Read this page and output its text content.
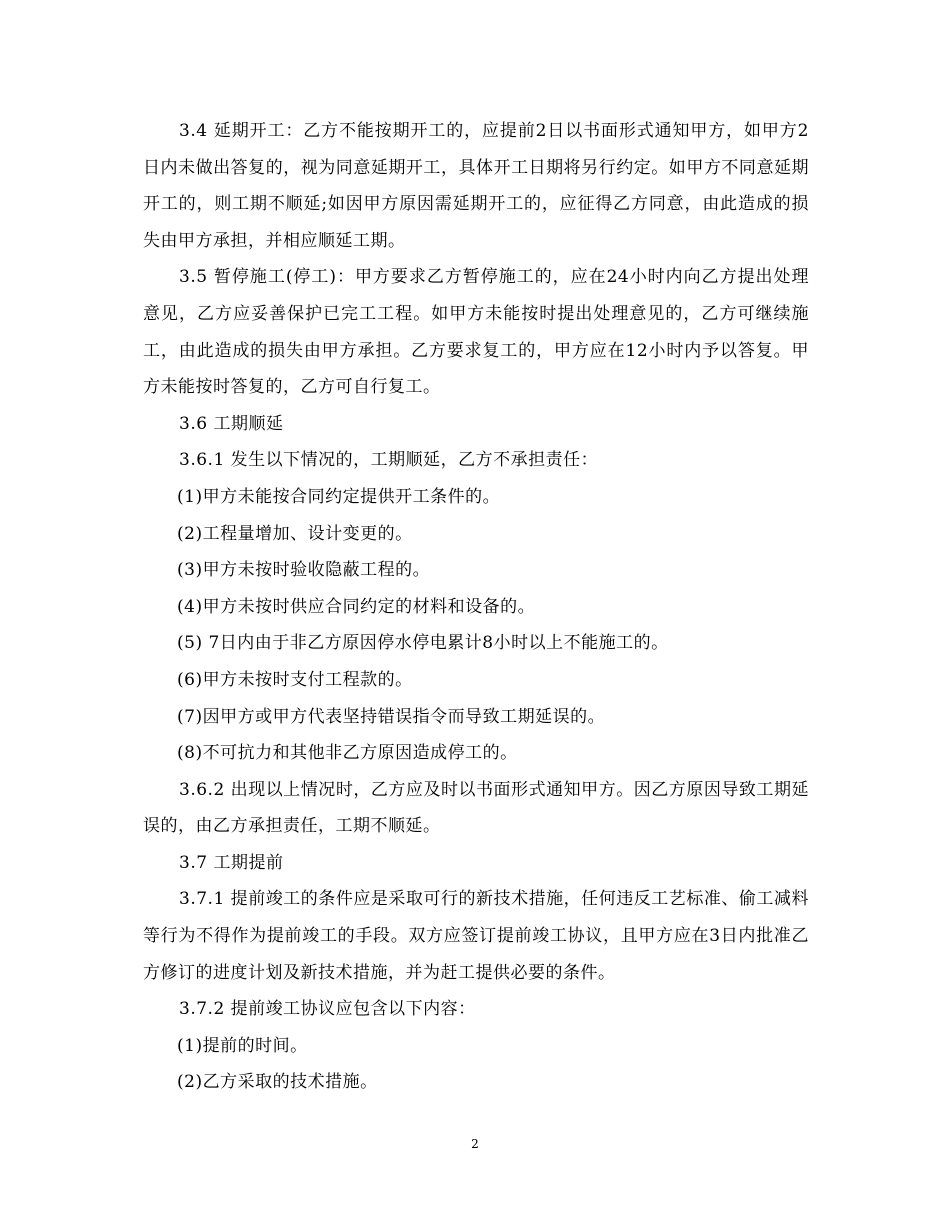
3.4 延期开工：乙方不能按期开工的，应提前2日以书面形式通知甲方，如甲方2日内未做出答复的，视为同意延期开工，具体开工日期将另行约定。如甲方不同意延期开工的，则工期不顺延;如因甲方原因需延期开工的，应征得乙方同意，由此造成的损失由甲方承担，并相应顺延工期。

3.5 暂停施工(停工)：甲方要求乙方暂停施工的，应在24小时内向乙方提出处理意见，乙方应妥善保护已完工工程。如甲方未能按时提出处理意见的，乙方可继续施工，由此造成的损失由甲方承担。乙方要求复工的，甲方应在12小时内予以答复。甲方未能按时答复的，乙方可自行复工。

3.6 工期顺延

3.6.1 发生以下情况的，工期顺延，乙方不承担责任：

(1)甲方未能按合同约定提供开工条件的。

(2)工程量增加、设计变更的。

(3)甲方未按时验收隐蔽工程的。

(4)甲方未按时供应合同约定的材料和设备的。

(5) 7日内由于非乙方原因停水停电累计8小时以上不能施工的。

(6)甲方未按时支付工程款的。

(7)因甲方或甲方代表坚持错误指令而导致工期延误的。

(8)不可抗力和其他非乙方原因造成停工的。

3.6.2 出现以上情况时，乙方应及时以书面形式通知甲方。因乙方原因导致工期延误的，由乙方承担责任，工期不顺延。

3.7 工期提前

3.7.1 提前竣工的条件应是采取可行的新技术措施，任何违反工艺标准、偷工减料等行为不得作为提前竣工的手段。双方应签订提前竣工协议，且甲方应在3日内批准乙方修订的进度计划及新技术措施，并为赶工提供必要的条件。

3.7.2 提前竣工协议应包含以下内容：

(1)提前的时间。

(2)乙方采取的技术措施。

2
